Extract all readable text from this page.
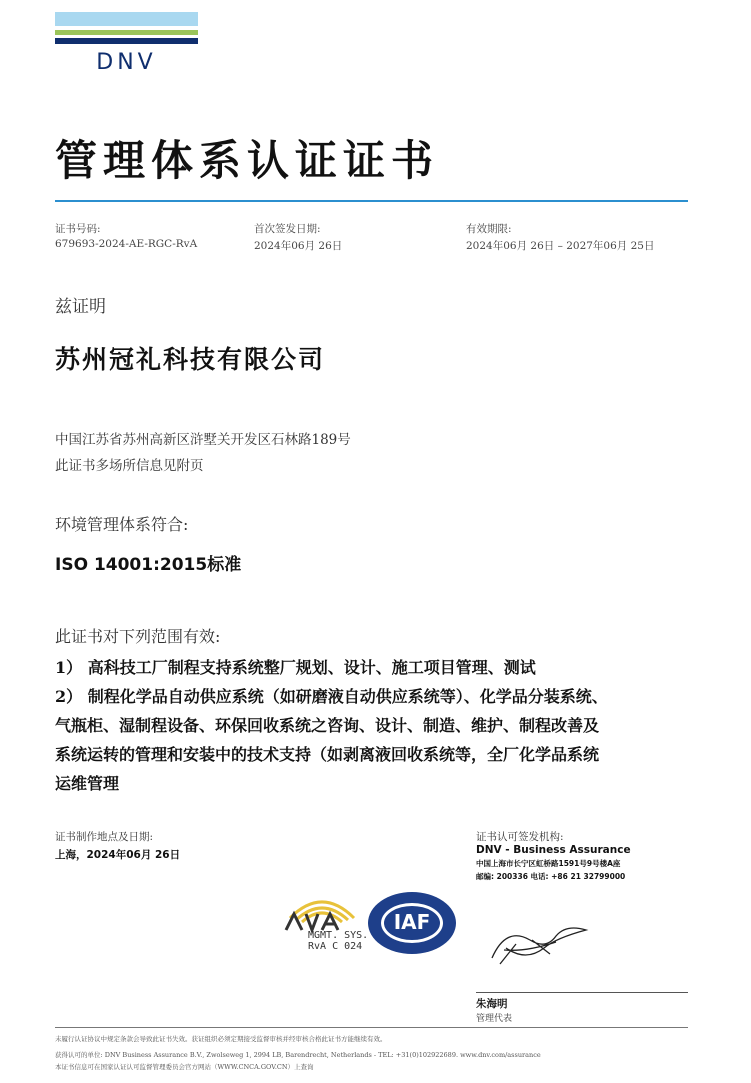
DNV
管理体系认证证书
证书号码:
679693-2024-AE-RGC-RvA
首次签发日期:
2024年06月 26日
有效期限:
2024年06月 26日 – 2027年06月 25日
兹证明
苏州冠礼科技有限公司
中国江苏省苏州高新区浒墅关开发区石林路189号
此证书多场所信息见附页
环境管理体系符合:
ISO 14001:2015标准
此证书对下列范围有效:
1） 高科技工厂制程支持系统整厂规划、设计、施工项目管理、测试
2） 制程化学品自动供应系统（如研磨液自动供应系统等）、化学品分装系统、
气瓶柜、湿制程设备、环保回收系统之咨询、设计、制造、维护、制程改善及
系统运转的管理和安装中的技术支持（如剥离液回收系统等，全厂化学品系统
运维管理
证书制作地点及日期:
上海，2024年06月 26日
证书认可签发机构:
DNV - Business Assurance
中国上海市长宁区虹桥路1591号9号楼A座
邮编: 200336 电话: +86 21 32799000
MGMT. SYS.
RvA C 024
IAF
朱海明
管理代表
未履行认证协议中规定条款会导致此证书失效。获证组织必须定期接受监督审核并经审核合格此证书方能继续有效。
获得认可的单位: DNV Business Assurance B.V., Zwolseweg 1, 2994 LB, Barendrecht, Netherlands - TEL: +31(0)102922689. www.dnv.com/assurance
本证书信息可在国家认证认可监督管理委员会官方网站（WWW.CNCA.GOV.CN）上查询
